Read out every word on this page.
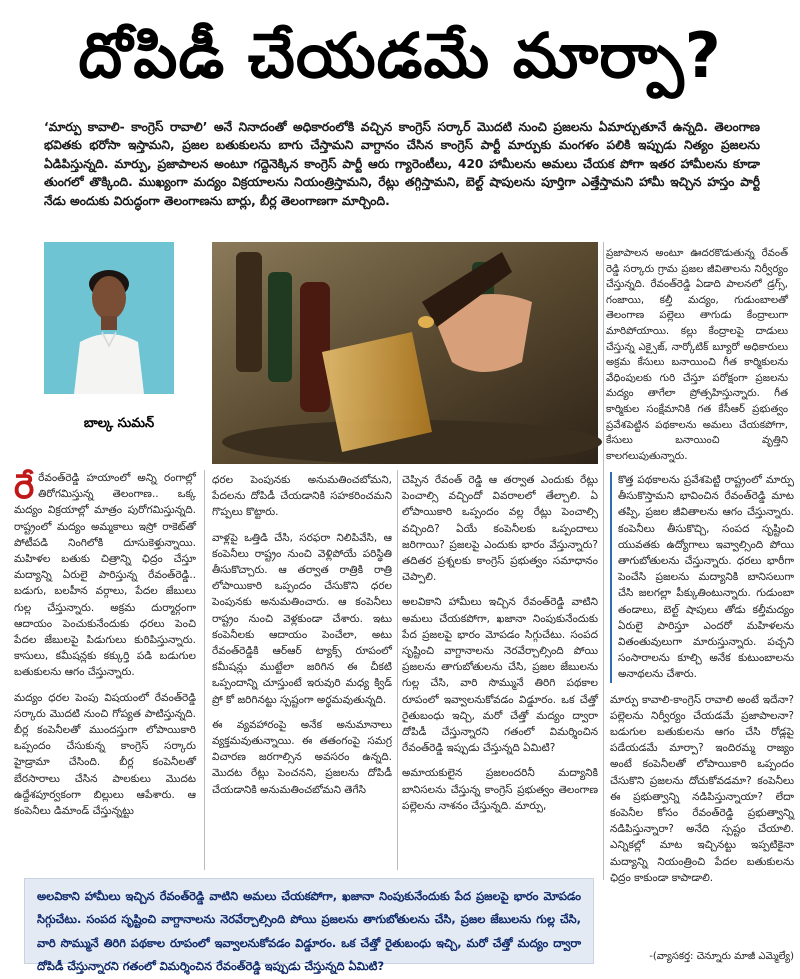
దోపిడీ చేయడమే మార్పా?
‘మార్పు కావాలి- కాంగ్రెస్ రావాలి’ అనే నినాదంతో అధికారంలోకి వచ్చిన కాంగ్రెస్ సర్కార్ మొదటి నుంచి ప్రజలను ఏమార్చుతూనే ఉన్నది. తెలంగాణ భవితకు భరోసా ఇస్తామని, ప్రజల బతుకులను బాగు చేస్తామని వాగ్దానం చేసిన కాంగ్రెస్ పార్టీ మార్పుకు మంగళం పలికి ఇప్పుడు నిత్యం ప్రజలను ఏడిపిస్తున్నది. మార్పు, ప్రజాపాలన అంటూ గద్దెనెక్కిన కాంగ్రెస్ పార్టీ ఆరు గ్యారెంటీలు, 420 హామీలను అమలు చేయక పోగా ఇతర హామీలను కూడా తుంగలో తొక్కింది. ముఖ్యంగా మద్యం విక్రయాలను నియంత్రిస్తామని, రేట్లు తగ్గిస్తామని, బెల్ట్ షాపులను పూర్తిగా ఎత్తేస్తామని హామీ ఇచ్చిన హస్తం పార్టీ నేడు అందుకు విరుద్ధంగా తెలంగాణను బార్లు, బీర్ల తెలంగాణగా మార్చింది.
బాల్క సుమన్
ప్రజాపాలన అంటూ ఊదరకొడుతున్న రేవంత్ రెడ్డి సర్కారు గ్రామ ప్రజల జీవితాలను నిర్వీర్యం చేస్తున్నది. రేవంత్‌రెడ్డి ఏడాది పాలనలో డ్రగ్స్, గంజాయి, కల్తీ మద్యం, గుడుంబాలతో తెలంగాణ పల్లెలు తాగుడు కేంద్రాలుగా మారిపోయాయి. కల్లు కేంద్రాలపై దాడులు చేస్తున్న ఎక్సైజ్, నార్కోటిక్ బ్యూరో అధికారులు అక్రమ కేసులు బనాయించి గీత కార్మికులను వేధింపులకు గురి చేస్తూ పరోక్షంగా ప్రజలను మద్యం తాగేలా ప్రోత్సహిస్తున్నారు. గీత కార్మికుల సంక్షేమానికి గత కేసీఆర్ ప్రభుత్వం ప్రవేశపెట్టిన పథకాలను అమలు చేయకపోగా, కేసులు బనాయించి వృత్తిని కాలగలుపుతున్నారు.

రేరేవంత్‌రెడ్డి హయాంలో అన్ని రంగాల్లో తిరోగమిస్తున్న తెలంగాణ.. ఒక్క మద్యం విక్రయాల్లో మాత్రం పురోగమిస్తున్నది. రాష్ట్రంలో మద్యం అమ్మకాలు ఇస్రో రాకెట్‌తో పోటీపడి నింగిలోకి దూసుకెళ్తున్నాయి. మహిళల బతుకు చిత్రాన్ని ఛిద్రం చేస్తూ మద్యాన్ని ఏరులై పారిస్తున్న రేవంత్‌రెడ్డి.. బడుగు, బలహీన వర్గాలు, పేదల జేబులు గుల్ల చేస్తున్నారు. అక్రమ దుర్మార్గంగా ఆదాయం పెంచుకునేందుకు ధరలు పెంచి పేదల జేబులపై పిడుగులు కురిపిస్తున్నారు. కాసులు, కమీషన్లకు కక్కుర్తి పడి బడుగుల బతుకులను ఆగం చేస్తున్నారు.

మద్యం ధరల పెంపు విషయంలో రేవంత్‌రెడ్డి సర్కారు మొదటి నుంచి గోప్యత పాటిస్తున్నది. బీర్ల కంపెనీలతో ముందస్తుగా లోపాయికారి ఒప్పందం చేసుకున్న కాంగ్రెస్ సర్కారు హైడ్రామా చేసింది. బీర్ల కంపెనీలతో బేరసారాలు చేసిన పాలకులు మొదట ఉద్దేశపూర్వకంగా బిల్లులు ఆపేశారు. ఆ కంపెనీలు డిమాండ్ చేస్తున్నట్టు

ధరల పెంపునకు అనుమతించబోమని, పేదలను దోపిడీ చేయడానికి సహకరించమని గొప్పలు కొట్టారు.

వాళ్లపై ఒత్తిడి చేసి, సరఫరా నిలిపివేసి, ఆ కంపెనీలు రాష్ట్రం నుంచి వెళ్లిపోయే పరిస్థితి తీసుకొచ్చారు. ఆ తర్వాత రాత్రికి రాత్రి లోపాయికారి ఒప్పందం చేసుకొని ధరల పెంపునకు అనుమతించారు. ఆ కంపెనీలు రాష్ట్రం నుంచి వెళ్లకుండా చేశారు. ఇటు కంపెనీలకు ఆదాయం పెంచేలా, అటు రేవంత్‌రెడ్డికి ఆర్ఆర్ ట్యాక్స్ రూపంలో కమీషన్లు ముట్టేలా జరిగిన ఈ చీకటి ఒప్పందాన్ని చూస్తుంటే ఇరువురి మధ్య క్విడ్ ప్రో కో జరిగినట్టు స్పష్టంగా అర్థమవుతున్నది.

ఈ వ్యవహారంపై అనేక అనుమానాలు వ్యక్తమవుతున్నాయి. ఈ తతంగంపై సమగ్ర విచారణ జరగాల్సిన అవసరం ఉన్నది. మొదట రేట్లు పెంచనని, ప్రజలను దోపిడీ చేయడానికి అనుమతించబోమని తెగేసి

చెప్పిన రేవంత్ రెడ్డి ఆ తర్వాత ఎందుకు రేట్లు పెంచాల్సి వచ్చిందో వివరాలలో తేల్చాలి. ఏ లోపాయికారి ఒప్పందం వల్ల రేట్లు పెంచాల్సి వచ్చింది? ఏయే కంపెనీలకు ఒప్పందాలు జరిగాయి? ప్రజలపై ఎందుకు భారం వేస్తున్నారు? తదితర ప్రశ్నలకు కాంగ్రెస్ ప్రభుత్వం సమాధానం చెప్పాలి.

అలవికాని హామీలు ఇచ్చిన రేవంత్‌రెడ్డి వాటిని అమలు చేయకపోగా, ఖజానా నింపుకునేందుకు పేద ప్రజలపై భారం మోపడం సిగ్గుచేటు. సంపద సృష్టించి వాగ్దానాలను నెరవేర్చాల్సింది పోయి ప్రజలను తాగుబోతులను చేసి, ప్రజల జేబులను గుల్ల చేసి, వారి సొమ్మునే తిరిగి పథకాల రూపంలో ఇవ్వాలనుకోవడం విడ్డూరం. ఒక చేత్తో రైతుబంధు ఇచ్చి, మరో చేత్తో మద్యం ద్వారా దోపిడీ చేస్తున్నారని గతంలో విమర్శించిన రేవంత్‌రెడ్డి ఇప్పుడు చేస్తున్నది ఏమిటి?

అమాయకులైన ప్రజలందరినీ మద్యానికి బానిసలను చేస్తున్న కాంగ్రెస్ ప్రభుత్వం తెలంగాణ పల్లెలను నాశనం చేస్తున్నది. మార్పు,

కొత్త పథకాలను ప్రవేశపెట్టి రాష్ట్రంలో మార్పు తీసుకొస్తామని భావించిన రేవంత్‌రెడ్డి మాట తప్పి, ప్రజల జీవితాలను ఆగం చేస్తున్నారు. కంపెనీలు తీసుకొచ్చి, సంపద సృష్టించి యువతకు ఉద్యోగాలు ఇవ్వాల్సింది పోయి తాగుబోతులను చేస్తున్నారు. ధరలు భారీగా పెంచేసి ప్రజలను మద్యానికి బానిసలుగా చేసి జలగల్లా పీక్కుతింటున్నారు. గుడుంబా తండాలు, బెల్ట్ షాపులు తోడు కల్తీమద్యం ఏరులై పారిస్తూ ఎందరో మహిళలను వితంతువులుగా మారుస్తున్నారు. పచ్చని సంసారాలను కూల్చి అనేక కుటుంబాలను అనాథలను చేశారు.

మార్పు కావాలి-కాంగ్రెస్ రావాలి అంటే ఇదేనా? పల్లెలను నిర్వీర్యం చేయడమే ప్రజాపాలనా? బడుగుల బతుకులను ఆగం చేసి రోడ్లపై పడేయడమే మార్పా? ఇందిరమ్మ రాజ్యం అంటే కంపెనీలతో లోపాయికారి ఒప్పందం చేసుకొని ప్రజలను దోచుకోవడమా? కంపెనీలు ఈ ప్రభుత్వాన్ని నడిపిస్తున్నాయా? లేదా కంపెనీల కోసం రేవంత్‌రెడ్డి ప్రభుత్వాన్ని నడిపిస్తున్నారా? అనేది స్పష్టం చేయాలి. ఎన్నికల్లో మాట ఇచ్చినట్టు ఇప్పటికైనా మద్యాన్ని నియంత్రించి పేదల బతుకులను ఛిద్రం కాకుండా కాపాడాలి.

అలవికాని హామీలు ఇచ్చిన రేవంత్‌రెడ్డి వాటిని అమలు చేయకపోగా, ఖజానా నింపుకునేందుకు పేద ప్రజలపై భారం మోపడం సిగ్గుచేటు. సంపద సృష్టించి వాగ్దానాలను నెరవేర్చాల్సింది పోయి ప్రజలను తాగుబోతులను చేసి, ప్రజల జేబులను గుల్ల చేసి, వారి సొమ్మునే తిరిగి పథకాల రూపంలో ఇవ్వాలనుకోవడం విడ్డూరం. ఒక చేత్తో రైతుబంధు ఇచ్చి, మరో చేత్తో మద్యం ద్వారా దోపిడీ చేస్తున్నారని గతంలో విమర్శించిన రేవంత్‌రెడ్డి ఇప్పుడు చేస్తున్నది ఏమిటి?
-(వ్యాసకర్త: చెన్నూరు మాజీ ఎమ్మెల్యే)
